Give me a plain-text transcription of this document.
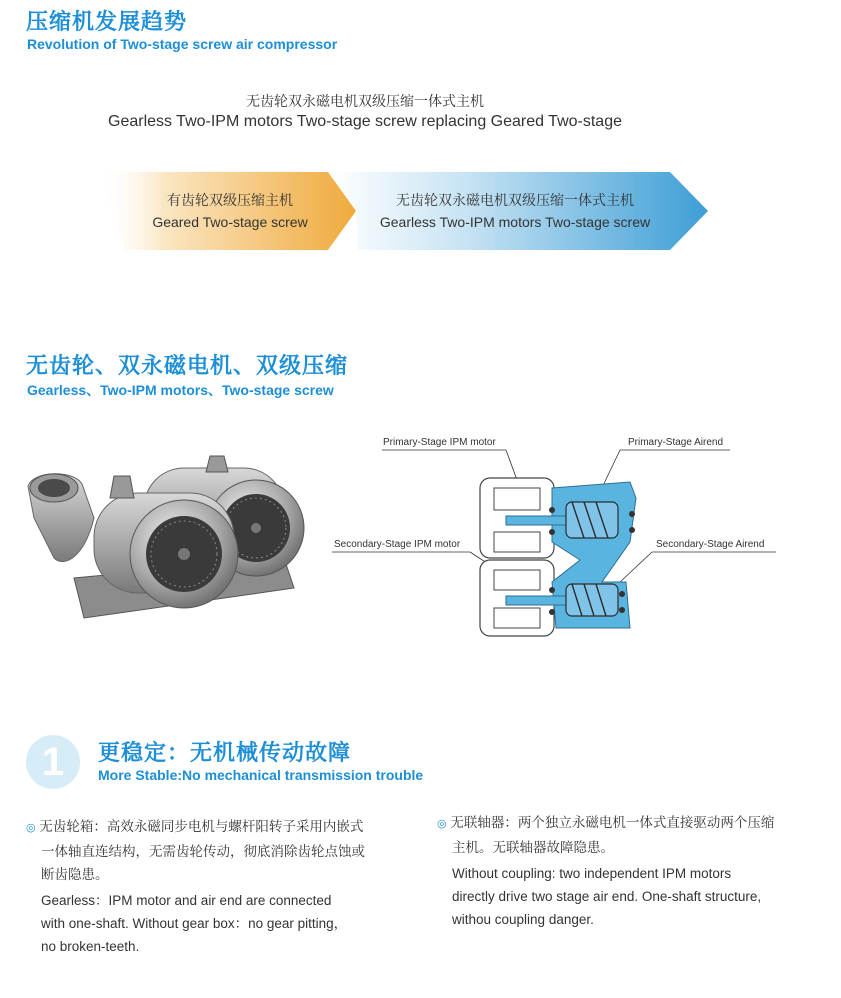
压缩机发展趋势
Revolution of Two-stage screw air compressor
无齿轮双永磁电机双级压缩一体式主机
Gearless Two-IPM motors Two-stage screw replacing Geared Two-stage
有齿轮双级压缩主机
Geared Two-stage screw
无齿轮双永磁电机双级压缩一体式主机
Gearless Two-IPM motors Two-stage screw
无齿轮、双永磁电机、双级压缩
Gearless、Two-IPM motors、Two-stage screw
Primary-Stage IPM motor	Primary-Stage Airend
Secondary-Stage IPM motor	Secondary-Stage Airend
1	更稳定：无机械传动故障
More Stable:No mechanical transmission trouble
◎ 无齿轮箱：高效永磁同步电机与螺杆阳转子采用内嵌式
一体轴直连结构，无需齿轮传动，彻底消除齿轮点蚀或
断齿隐患。
Gearless：IPM motor and air end are connected
with one-shaft. Without gear box：no gear pitting，
no broken-teeth.
◎ 无联轴器：两个独立永磁电机一体式直接驱动两个压缩
主机。无联轴器故障隐患。
Without coupling: two independent IPM motors
directly drive two stage air end. One-shaft structure,
withou coupling danger.
